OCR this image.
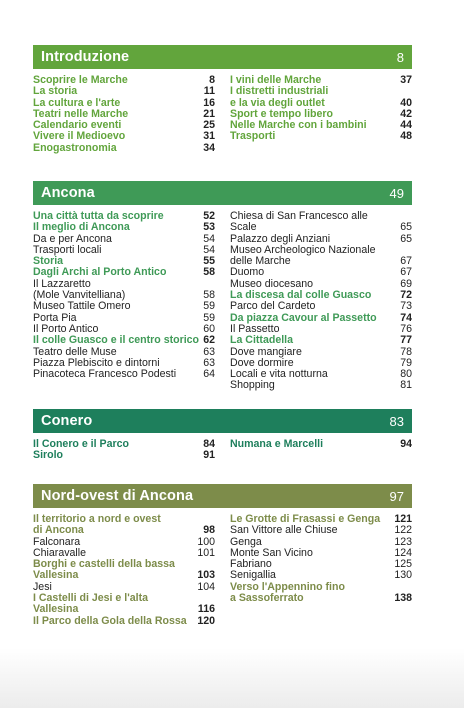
Introduzione	8
Scoprire le Marche	8
La storia	11
La cultura e l'arte	16
Teatri nelle Marche	21
Calendario eventi	25
Vivere il Medioevo	31
Enogastronomia	34
I vini delle Marche	37
I distretti industriali
e la via degli outlet	40
Sport e tempo libero	42
Nelle Marche con i bambini	44
Trasporti	48
Ancona	49
Una città tutta da scoprire	52
Il meglio di Ancona	53
Da e per Ancona	54
Trasporti locali	54
Storia	55
Dagli Archi al Porto Antico	58
Il Lazzaretto
(Mole Vanvitelliana)	58
Museo Tattile Omero	59
Porta Pia	59
Il Porto Antico	60
Il colle Guasco e il centro storico 62
Teatro delle Muse	63
Piazza Plebiscito e dintorni	63
Pinacoteca Francesco Podesti	64
Chiesa di San Francesco alle Scale	65
Palazzo degli Anziani	65
Museo Archeologico Nazionale
delle Marche	67
Duomo	67
Museo diocesano	69
La discesa dal colle Guasco	72
Parco del Cardeto	73
Da piazza Cavour al Passetto	74
Il Passetto	76
La Cittadella	77
Dove mangiare	78
Dove dormire	79
Locali e vita notturna	80
Shopping	81
Conero	83
Il Conero e il Parco	84
Sirolo	91
Numana e Marcelli	94
Nord-ovest di Ancona	97
Il territorio a nord e ovest
di Ancona	98
Falconara	100
Chiaravalle	101
Borghi e castelli della bassa
Vallesina	103
Jesi	104
I Castelli di Jesi e l'alta Vallesina	116
Il Parco della Gola della Rossa	120
Le Grotte di Frasassi e Genga	121
San Vittore alle Chiuse	122
Genga	123
Monte San Vicino	124
Fabriano	125
Senigallia	130
Verso l'Appennino fino
a Sassoferrato	138
